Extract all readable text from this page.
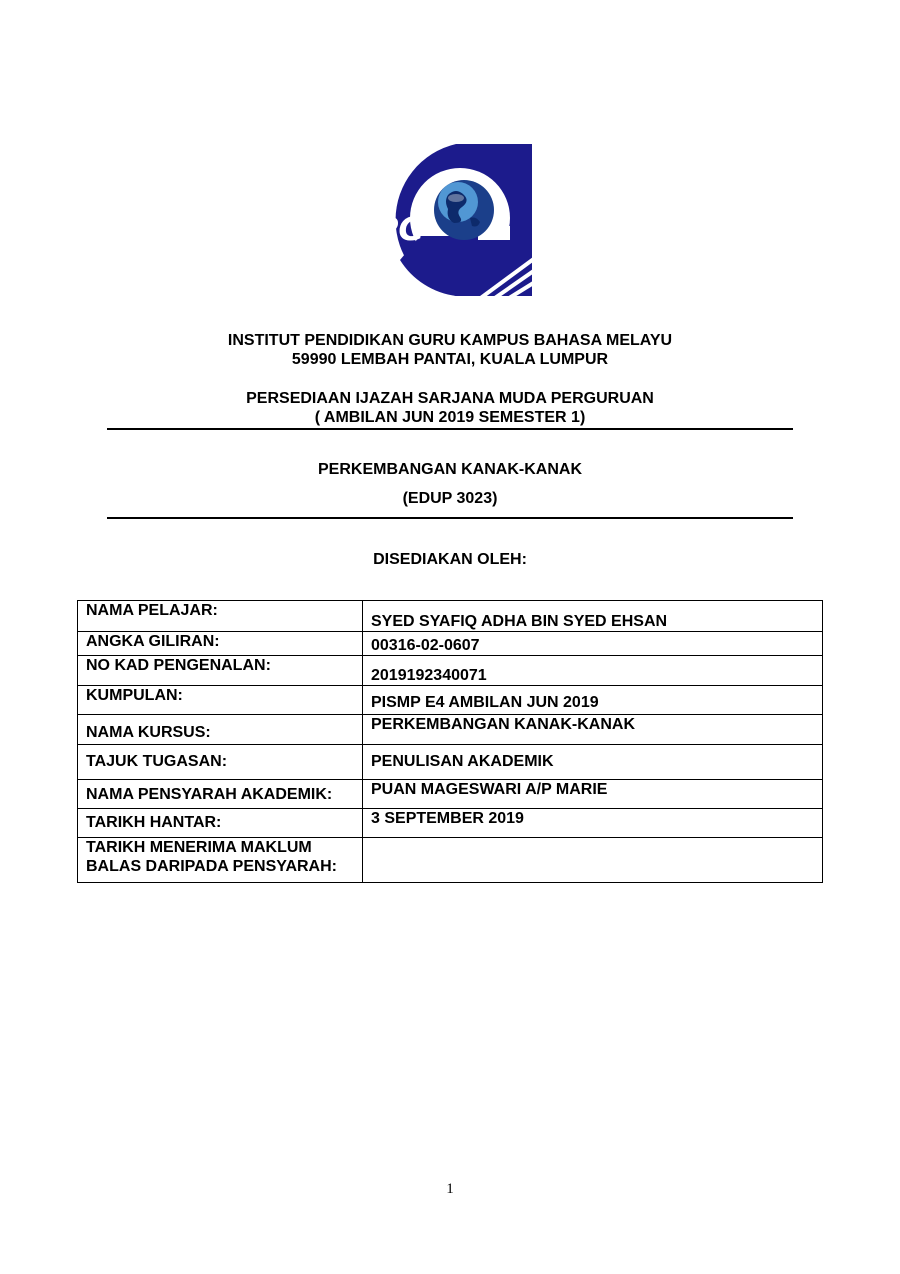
iPG
INSTITUT PENDIDIKAN GURU KAMPUS BAHASA MELAYU
59990 LEMBAH PANTAI, KUALA LUMPUR
PERSEDIAAN IJAZAH SARJANA MUDA PERGURUAN
( AMBILAN JUN 2019 SEMESTER 1)
PERKEMBANGAN KANAK-KANAK
(EDUP 3023)
DISEDIAKAN OLEH:
NAMA PELAJAR:	SYED SYAFIQ ADHA BIN SYED EHSAN
ANGKA GILIRAN:	00316-02-0607
NO KAD PENGENALAN:	2019192340071
KUMPULAN:	PISMP E4 AMBILAN JUN 2019
NAMA KURSUS:	PERKEMBANGAN KANAK-KANAK
TAJUK TUGASAN:	PENULISAN AKADEMIK
NAMA PENSYARAH AKADEMIK:	PUAN MAGESWARI A/P MARIE
TARIKH HANTAR:	3 SEPTEMBER 2019

TARIKH MENERIMA MAKLUM
BALAS DARIPADA PENSYARAH:	

1
